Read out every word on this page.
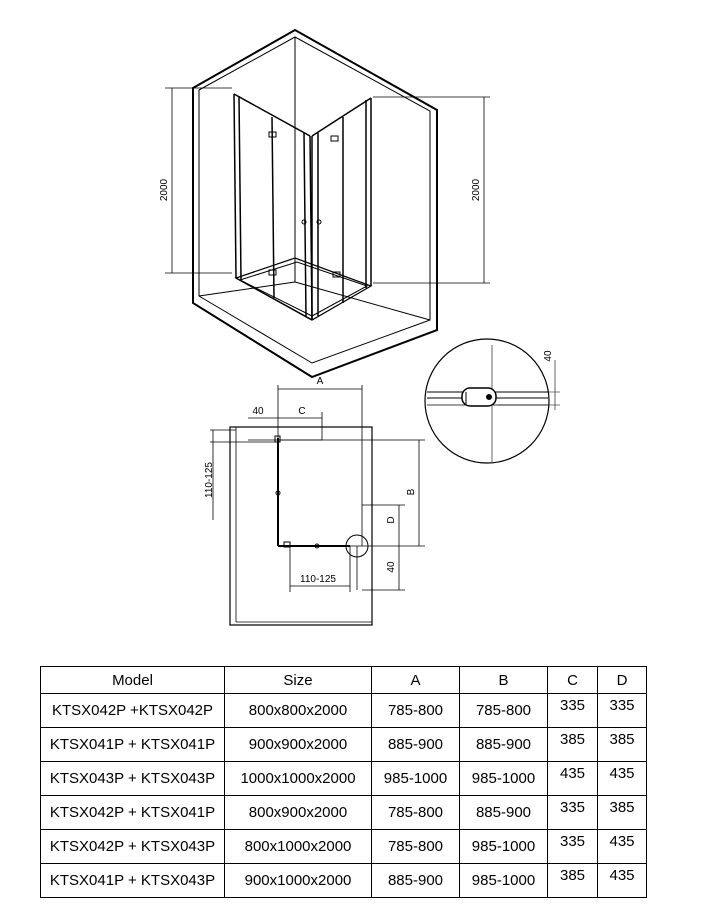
2000	2000
40
A
40	C
110-125	B
D
40
110-125
Model	Size	A	B	C	D
KTSX042P +KTSX042P	800x800x2000	785-800	785-800	335	335
KTSX041P + KTSX041P	900x900x2000	885-900	885-900	385	385
KTSX043P + KTSX043P	1000x1000x2000	985-1000	985-1000	435	435
KTSX042P + KTSX041P	800x900x2000	785-800	885-900	335	385
KTSX042P + KTSX043P	800x1000x2000	785-800	985-1000	335	435
KTSX041P + KTSX043P	900x1000x2000	885-900	985-1000	385	435
